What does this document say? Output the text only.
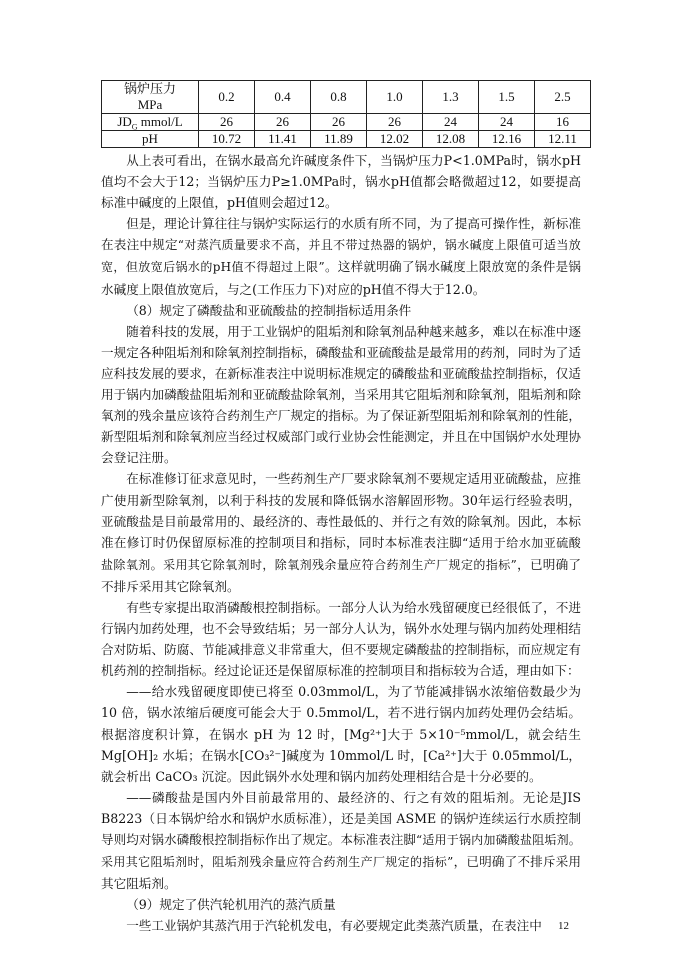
锅炉压力
MPa	0.2	0.4	0.8	1.0	1.3	1.5	2.5
$JD_G$ mmol/L	26	26	26	26	24	24	16
pH	10.72	11.41	11.89	12.02	12.08	12.16	12.11

从上表可看出，在锅水最高允许碱度条件下，当锅炉压力P<1.0MPa时，锅水pH值均不会大于12；当锅炉压力P≥1.0MPa时，锅水pH值都会略微超过12，如要提高标准中碱度的上限值，pH值则会超过12。

但是，理论计算往往与锅炉实际运行的水质有所不同，为了提高可操作性，新标准在表注中规定“对蒸汽质量要求不高，并且不带过热器的锅炉，锅水碱度上限值可适当放宽，但放宽后锅水的pH值不得超过上限”。这样就明确了锅水碱度上限放宽的条件是锅水碱度上限值放宽后，与之(工作压力下)对应的pH值不得大于12.0。

（8）规定了磷酸盐和亚硫酸盐的控制指标适用条件

随着科技的发展，用于工业锅炉的阻垢剂和除氧剂品种越来越多，难以在标准中逐一规定各种阻垢剂和除氧剂控制指标，磷酸盐和亚硫酸盐是最常用的药剂，同时为了适应科技发展的要求，在新标准表注中说明标准规定的磷酸盐和亚硫酸盐控制指标，仅适用于锅内加磷酸盐阻垢剂和亚硫酸盐除氧剂，当采用其它阻垢剂和除氧剂，阻垢剂和除氧剂的残余量应该符合药剂生产厂规定的指标。为了保证新型阻垢剂和除氧剂的性能，新型阻垢剂和除氧剂应当经过权威部门或行业协会性能测定，并且在中国锅炉水处理协会登记注册。

在标准修订征求意见时，一些药剂生产厂要求除氧剂不要规定适用亚硫酸盐，应推广使用新型除氧剂，以利于科技的发展和降低锅水溶解固形物。30年运行经验表明，亚硫酸盐是目前最常用的、最经济的、毒性最低的、并行之有效的除氧剂。因此，本标准在修订时仍保留原标准的控制项目和指标，同时本标准表注脚“适用于给水加亚硫酸盐除氧剂。采用其它除氧剂时，除氧剂残余量应符合药剂生产厂规定的指标”，已明确了不排斥采用其它除氧剂。

有些专家提出取消磷酸根控制指标。一部分人认为给水残留硬度已经很低了，不进行锅内加药处理，也不会导致结垢；另一部分人认为，锅外水处理与锅内加药处理相结合对防垢、防腐、节能减排意义非常重大，但不要规定磷酸盐的控制指标，而应规定有机药剂的控制指标。经过论证还是保留原标准的控制项目和指标较为合适，理由如下：

——给水残留硬度即使已将至 0.03mmol/L，为了节能减排锅水浓缩倍数最少为 10 倍，锅水浓缩后硬度可能会大于 0.5mmol/L，若不进行锅内加药处理仍会结垢。根据溶度积计算，在锅水 pH 为 12 时，[Mg²⁺]大于 5×10⁻⁵mmol/L，就会结生 Mg[OH]₂ 水垢；在锅水[CO₃²⁻]碱度为 10mmol/L 时，[Ca²⁺]大于 0.05mmol/L，就会析出 CaCO₃ 沉淀。因此锅外水处理和锅内加药处理相结合是十分必要的。

——磷酸盐是国内外目前最常用的、最经济的、行之有效的阻垢剂。无论是JIS B8223（日本锅炉给水和锅炉水质标准），还是美国 ASME 的锅炉连续运行水质控制导则均对锅水磷酸根控制指标作出了规定。本标准表注脚“适用于锅内加磷酸盐阻垢剂。采用其它阻垢剂时，阻垢剂残余量应符合药剂生产厂规定的指标”，已明确了不排斥采用其它阻垢剂。

（9）规定了供汽轮机用汽的蒸汽质量

一些工业锅炉其蒸汽用于汽轮机发电，有必要规定此类蒸汽质量，在表注中	12
